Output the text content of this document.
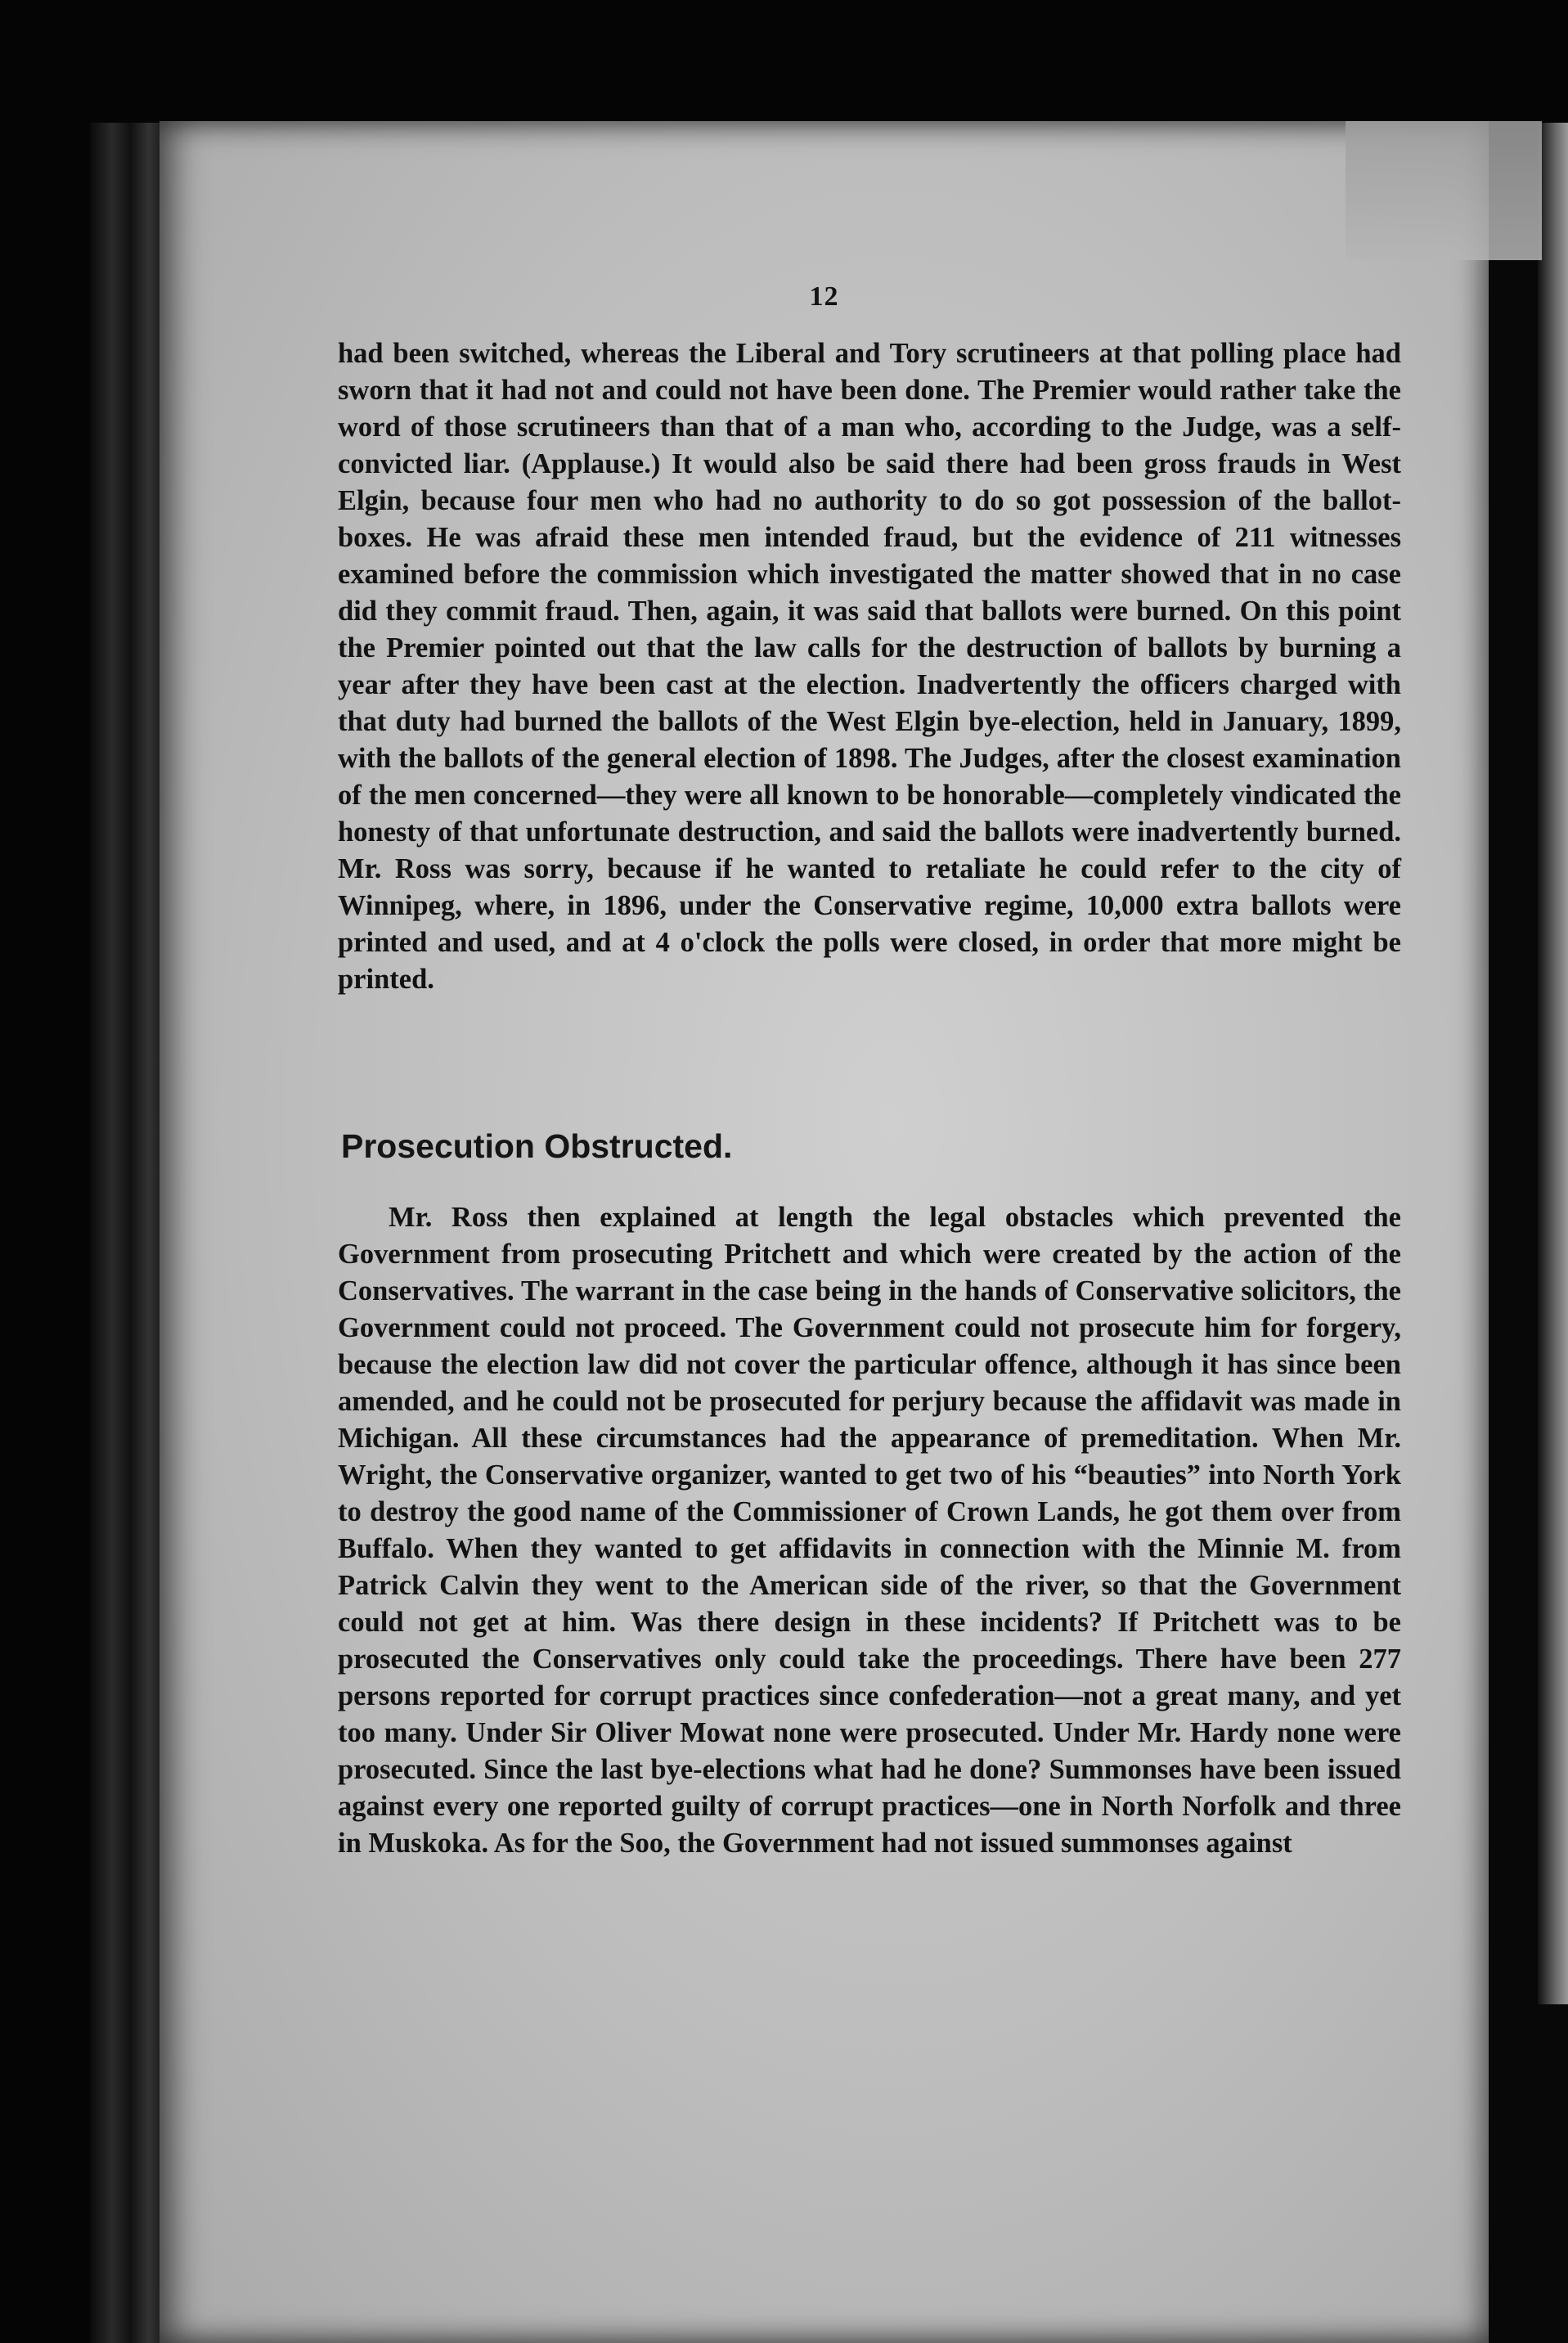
12

had been switched, whereas the Liberal and Tory scrutineers at that polling place had sworn that it had not and could not have been done. The Premier would rather take the word of those scrutineers than that of a man who, according to the Judge, was a self-convicted liar. (Applause.) It would also be said there had been gross frauds in West Elgin, because four men who had no authority to do so got possession of the ballot-boxes. He was afraid these men intended fraud, but the evidence of 211 witnesses examined before the commission which investigated the matter showed that in no case did they commit fraud. Then, again, it was said that ballots were burned. On this point the Premier pointed out that the law calls for the destruction of ballots by burning a year after they have been cast at the election. Inadvertently the officers charged with that duty had burned the ballots of the West Elgin bye-election, held in January, 1899, with the ballots of the general election of 1898. The Judges, after the closest examination of the men concerned—they were all known to be honorable—completely vindicated the honesty of that unfortunate destruction, and said the ballots were inadvertently burned. Mr. Ross was sorry, because if he wanted to retaliate he could refer to the city of Winnipeg, where, in 1896, under the Conservative regime, 10,000 extra ballots were printed and used, and at 4 o'clock the polls were closed, in order that more might be printed.

Prosecution Obstructed.

Mr. Ross then explained at length the legal obstacles which prevented the Government from prosecuting Pritchett and which were created by the action of the Conservatives. The warrant in the case being in the hands of Conservative solicitors, the Government could not proceed. The Government could not prosecute him for forgery, because the election law did not cover the particular offence, although it has since been amended, and he could not be prosecuted for perjury because the affidavit was made in Michigan. All these circumstances had the appearance of premeditation. When Mr. Wright, the Conservative organizer, wanted to get two of his “beauties” into North York to destroy the good name of the Commissioner of Crown Lands, he got them over from Buffalo. When they wanted to get affidavits in connection with the Minnie M. from Patrick Calvin they went to the American side of the river, so that the Government could not get at him. Was there design in these incidents? If Pritchett was to be prosecuted the Conservatives only could take the proceedings. There have been 277 persons reported for corrupt practices since confederation—not a great many, and yet too many. Under Sir Oliver Mowat none were prosecuted. Under Mr. Hardy none were prosecuted. Since the last bye-elections what had he done? Summonses have been issued against every one reported guilty of corrupt practices—one in North Norfolk and three in Muskoka. As for the Soo, the Government had not issued summonses against
